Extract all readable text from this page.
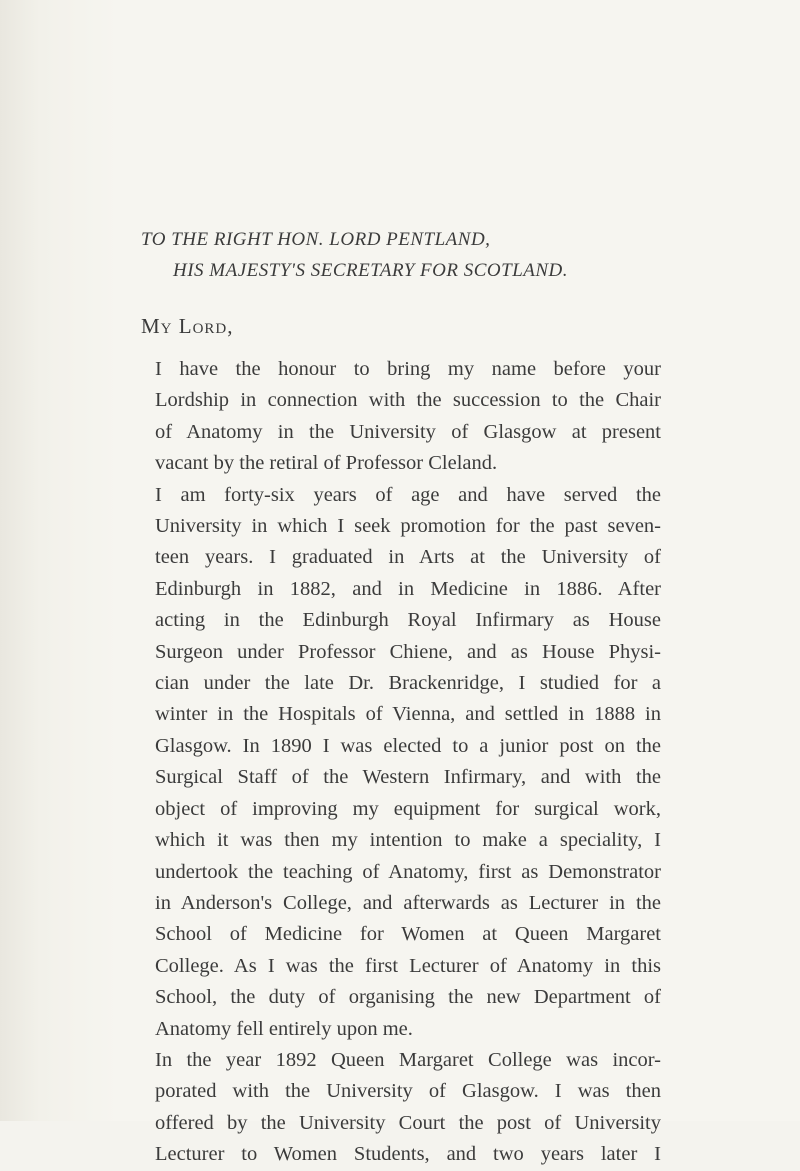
TO THE RIGHT HON. LORD PENTLAND,
HIS MAJESTY'S SECRETARY FOR SCOTLAND.
My Lord,

I have the honour to bring my name before your
Lordship in connection with the succession to the Chair
of Anatomy in the University of Glasgow at present
vacant by the retiral of Professor Cleland.

I am forty-six years of age and have served the
University in which I seek promotion for the past seven-
teen years. I graduated in Arts at the University of
Edinburgh in 1882, and in Medicine in 1886. After
acting in the Edinburgh Royal Infirmary as House
Surgeon under Professor Chiene, and as House Physi-
cian under the late Dr. Brackenridge, I studied for a
winter in the Hospitals of Vienna, and settled in 1888 in
Glasgow. In 1890 I was elected to a junior post on the
Surgical Staff of the Western Infirmary, and with the
object of improving my equipment for surgical work,
which it was then my intention to make a speciality, I
undertook the teaching of Anatomy, first as Demonstrator
in Anderson's College, and afterwards as Lecturer in the
School of Medicine for Women at Queen Margaret
College. As I was the first Lecturer of Anatomy in this
School, the duty of organising the new Department of
Anatomy fell entirely upon me.

In the year 1892 Queen Margaret College was incor-
porated with the University of Glasgow. I was then
offered by the University Court the post of University
Lecturer to Women Students, and two years later I
